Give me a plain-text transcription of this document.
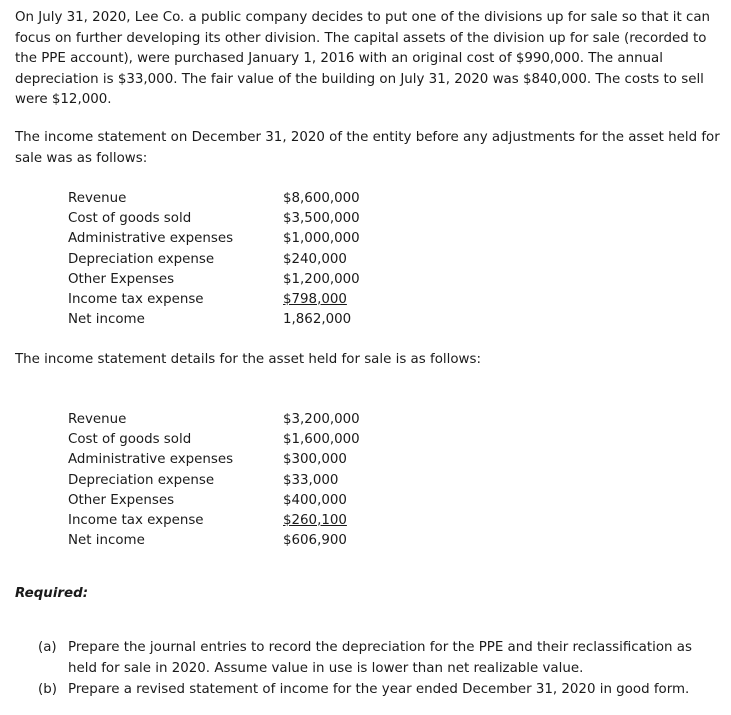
On July 31, 2020, Lee Co. a public company decides to put one of the divisions up for sale so that it can focus on further developing its other division. The capital assets of the division up for sale (recorded to the PPE account), were purchased January 1, 2016 with an original cost of $990,000. The annual depreciation is $33,000. The fair value of the building on July 31, 2020 was $840,000. The costs to sell were $12,000.

The income statement on December 31, 2020 of the entity before any adjustments for the asset held for sale was as follows:

Revenue	$8,600,000
Cost of goods sold	$3,500,000
Administrative expenses	$1,000,000
Depreciation expense	$240,000
Other Expenses	$1,200,000
Income tax expense	$798,000
Net income	1,862,000

The income statement details for the asset held for sale is as follows:

Revenue	$3,200,000
Cost of goods sold	$1,600,000
Administrative expenses	$300,000
Depreciation expense	$33,000
Other Expenses	$400,000
Income tax expense	$260,100
Net income	$606,900
Required:
(a) Prepare the journal entries to record the depreciation for the PPE and their reclassification as held for sale in 2020. Assume value in use is lower than net realizable value.
(b) Prepare a revised statement of income for the year ended December 31, 2020 in good form.
